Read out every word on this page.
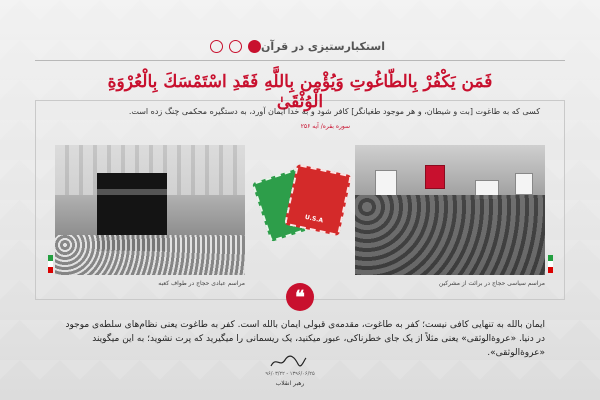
استکبارستیزی در قرآن
فَمَن يَكْفُرْ بِالطّاغُوتِ وَيُؤْمِن بِاللَّهِ فَقَدِ اسْتَمْسَكَ بِالْعُرْوَةِ الْوُثْقَىٰ
کسی که به طاغوت [بت و شیطان، و هر موجود طغیانگر] کافر شود و به خدا ایمان آورد، به دستگیره محکمی چنگ زده است.
سوره بقره/ آیه ۲۵۶
مراسم عبادی حجاج در طواف کعبه	مراسم سیاسی حجاج در برائت از مشرکین
U.S.A
❝
ایمان بالله به تنهایی کافی نیست؛ کفر به طاغوت، مقدمه‌ی قبولی ایمان بالله است. کفر به طاغوت یعنی نظام‌های سلطه‌ی موجود در دنیا. «عروة‌الوثقی» یعنی مثلاً از یک جای خطرناکی، عبور میکنید، یک ریسمانی را میگیرید که پرت نشوید؛ به این میگویند «عروة‌الوثقی».
۱۳۹۶/۰۶/۲۵ - ۹۶/۰۳/۲۲
رهبر انقلاب
